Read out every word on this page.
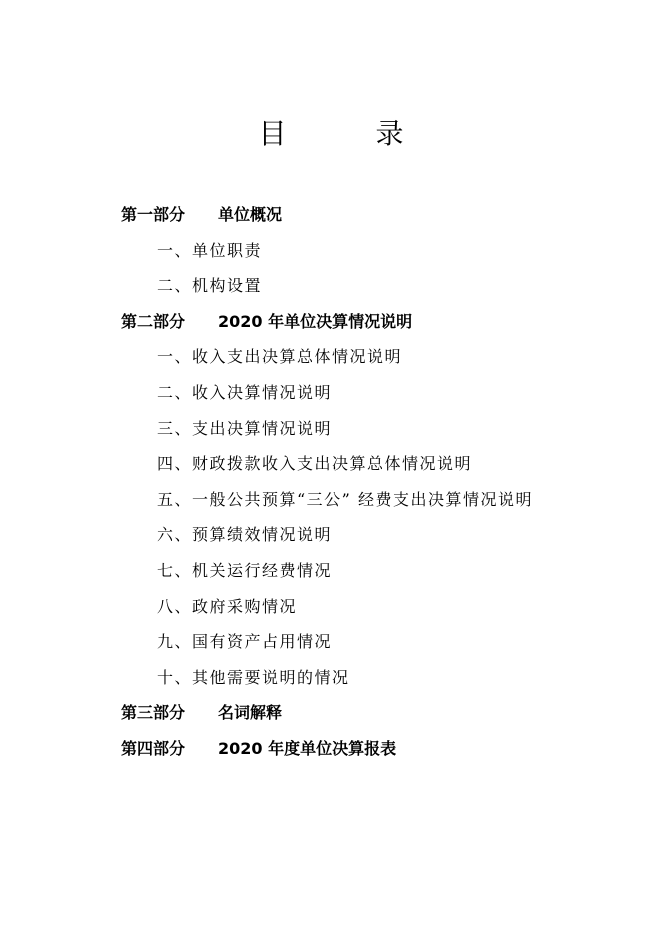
目 录
第一部分 单位概况
一、单位职责
二、机构设置
第二部分 2020 年单位决算情况说明
一、收入支出决算总体情况说明
二、收入决算情况说明
三、支出决算情况说明
四、财政拨款收入支出决算总体情况说明
五、一般公共预算“三公” 经费支出决算情况说明
六、预算绩效情况说明
七、机关运行经费情况
八、政府采购情况
九、国有资产占用情况
十、其他需要说明的情况
第三部分 名词解释
第四部分 2020 年度单位决算报表
